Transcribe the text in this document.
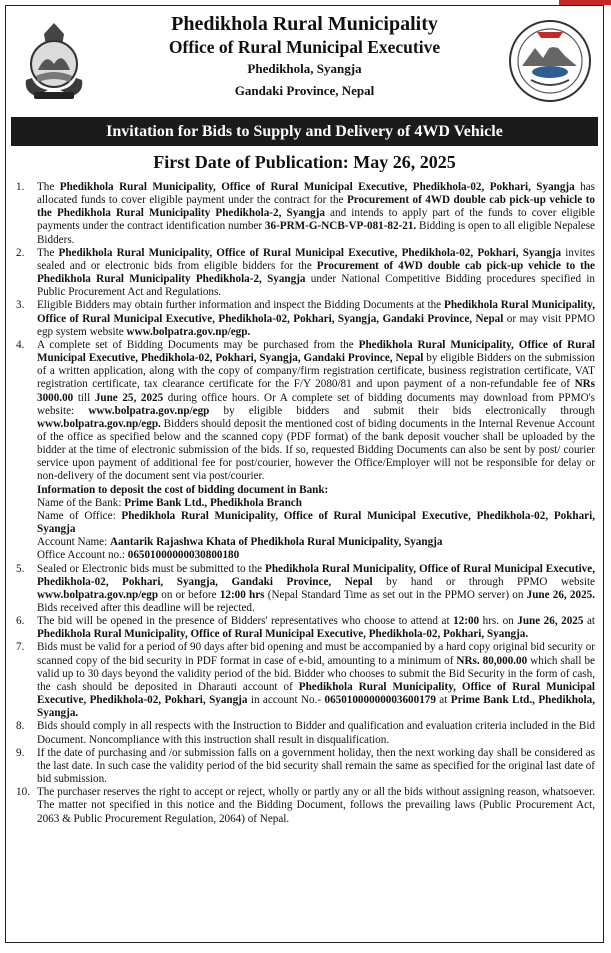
Phedikhola Rural Municipality
Office of Rural Municipal Executive
Phedikhola, Syangja
Gandaki Province, Nepal
Invitation for Bids to Supply and Delivery of 4WD Vehicle
First Date of Publication: May 26, 2025
1.	The Phedikhola Rural Municipality, Office of Rural Municipal Executive, Phedikhola-02, Pokhari, Syangja has allocated funds to cover eligible payment under the contract for the Procurement of 4WD double cab pick-up vehicle to the Phedikhola Rural Municipality Phedikhola-2, Syangja and intends to apply part of the funds to cover eligible payments under the contract identification number 36-PRM-G-NCB-VP-081-82-21. Bidding is open to all eligible Nepalese Bidders.
2.	The Phedikhola Rural Municipality, Office of Rural Municipal Executive, Phedikhola-02, Pokhari, Syangja invites sealed and or electronic bids from eligible bidders for the Procurement of 4WD double cab pick-up vehicle to the Phedikhola Rural Municipality Phedikhola-2, Syangja under National Competitive Bidding procedures specified in Public Procurement Act and Regulations.
3.	Eligible Bidders may obtain further information and inspect the Bidding Documents at the Phedikhola Rural Municipality, Office of Rural Municipal Executive, Phedikhola-02, Pokhari, Syangja, Gandaki Province, Nepal or may visit PPMO egp system website www.bolpatra.gov.np/egp.
4.	A complete set of Bidding Documents may be purchased from the Phedikhola Rural Municipality, Office of Rural Municipal Executive, Phedikhola-02, Pokhari, Syangja, Gandaki Province, Nepal by eligible Bidders on the submission of a written application, along with the copy of company/firm registration certificate, business registration certificate, VAT registration certificate, tax clearance certificate for the F/Y 2080/81 and upon payment of a non-refundable fee of NRs 3000.00 till June 25, 2025 during office hours. Or A complete set of bidding documents may download from PPMO's website: www.bolpatra.gov.np/egp by eligible bidders and submit their bids electronically through www.bolpatra.gov.np/egp. Bidders should deposit the mentioned cost of biding documents in the Internal Revenue Account of the office as specified below and the scanned copy (PDF format) of the bank deposit voucher shall be uploaded by the bidder at the time of electronic submission of the bids. If so, requested Bidding Documents can also be sent by post/ courier service upon payment of additional fee for post/courier, however the Office/Employer will not be responsible for delay or non-delivery of the document sent via post/courier.
Information to deposit the cost of bidding document in Bank:
Name of the Bank: Prime Bank Ltd., Phedikhola Branch
Name of Office: Phedikhola Rural Municipality, Office of Rural Municipal Executive, Phedikhola-02, Pokhari, Syangja
Account Name: Aantarik Rajashwa Khata of Phedikhola Rural Municipality, Syangja
Office Account no.: 06501000000030800180
5.	Sealed or Electronic bids must be submitted to the Phedikhola Rural Municipality, Office of Rural Municipal Executive, Phedikhola-02, Pokhari, Syangja, Gandaki Province, Nepal by hand or through PPMO website www.bolpatra.gov.np/egp on or before 12:00 hrs (Nepal Standard Time as set out in the PPMO server) on June 26, 2025. Bids received after this deadline will be rejected.
6.	The bid will be opened in the presence of Bidders' representatives who choose to attend at 12:00 hrs. on June 26, 2025 at Phedikhola Rural Municipality, Office of Rural Municipal Executive, Phedikhola-02, Pokhari, Syangja.
7.	Bids must be valid for a period of 90 days after bid opening and must be accompanied by a hard copy original bid security or scanned copy of the bid security in PDF format in case of e-bid, amounting to a minimum of NRs. 80,000.00 which shall be valid up to 30 days beyond the validity period of the bid. Bidder who chooses to submit the Bid Security in the form of cash, the cash should be deposited in Dharauti account of Phedikhola Rural Municipality, Office of Rural Municipal Executive, Phedikhola-02, Pokhari, Syangja in account No.- 06501000000003600179 at Prime Bank Ltd., Phedikhola, Syangja.
8.	Bids should comply in all respects with the Instruction to Bidder and qualification and evaluation criteria included in the Bid Document. Noncompliance with this instruction shall result in disqualification.
9.	If the date of purchasing and /or submission falls on a government holiday, then the next working day shall be considered as the last date. In such case the validity period of the bid security shall remain the same as specified for the original last date of bid submission.
10. The purchaser reserves the right to accept or reject, wholly or partly any or all the bids without assigning reason, whatsoever. The matter not specified in this notice and the Bidding Document, follows the prevailing laws (Public Procurement Act, 2063 & Public Procurement Regulation, 2064) of Nepal.
